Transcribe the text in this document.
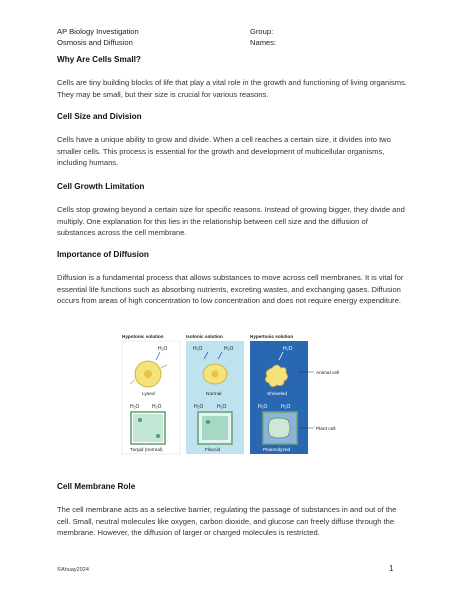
AP Biology Investigation
Osmosis and Diffusion
Group:
Names:
Why Are Cells Small?
Cells are tiny building blocks of life that play a vital role in the growth and functioning of living organisms. They may be small, but their size is crucial for various reasons.
Cell Size and Division
Cells have a unique ability to grow and divide. When a cell reaches a certain size, it divides into two smaller cells. This process is essential for the growth and development of multicellular organisms, including humans.
Cell Growth Limitation
Cells stop growing beyond a certain size for specific reasons. Instead of growing bigger, they divide and multiply. One explanation for this lies in the relationship between cell size and the diffusion of substances across the cell membrane.
Importance of Diffusion
Diffusion is a fundamental process that allows substances to move across cell membranes. It is vital for essential life functions such as absorbing nutrients, excreting wastes, and exchanging gases. Diffusion occurs from areas of high concentration to low concentration and does not require energy expenditure.
Hypotonic solution	Isotonic solution	Hypertonic solution
H₂O	H₂O	H₂O	H₂O
Lysed	Normal	Shriveled
H₂O	H₂O	H₂O	H₂O	H₂O	H₂O
Turgid (normal)	Flaccid	Plasmolyzed
Animal cell
Plant cell
Cell Membrane Role
The cell membrane acts as a selective barrier, regulating the passage of substances in and out of the cell. Small, neutral molecules like oxygen, carbon dioxide, and glucose can freely diffuse through the membrane. However, the diffusion of larger or charged molecules is restricted.
©Ahuay2024	1
